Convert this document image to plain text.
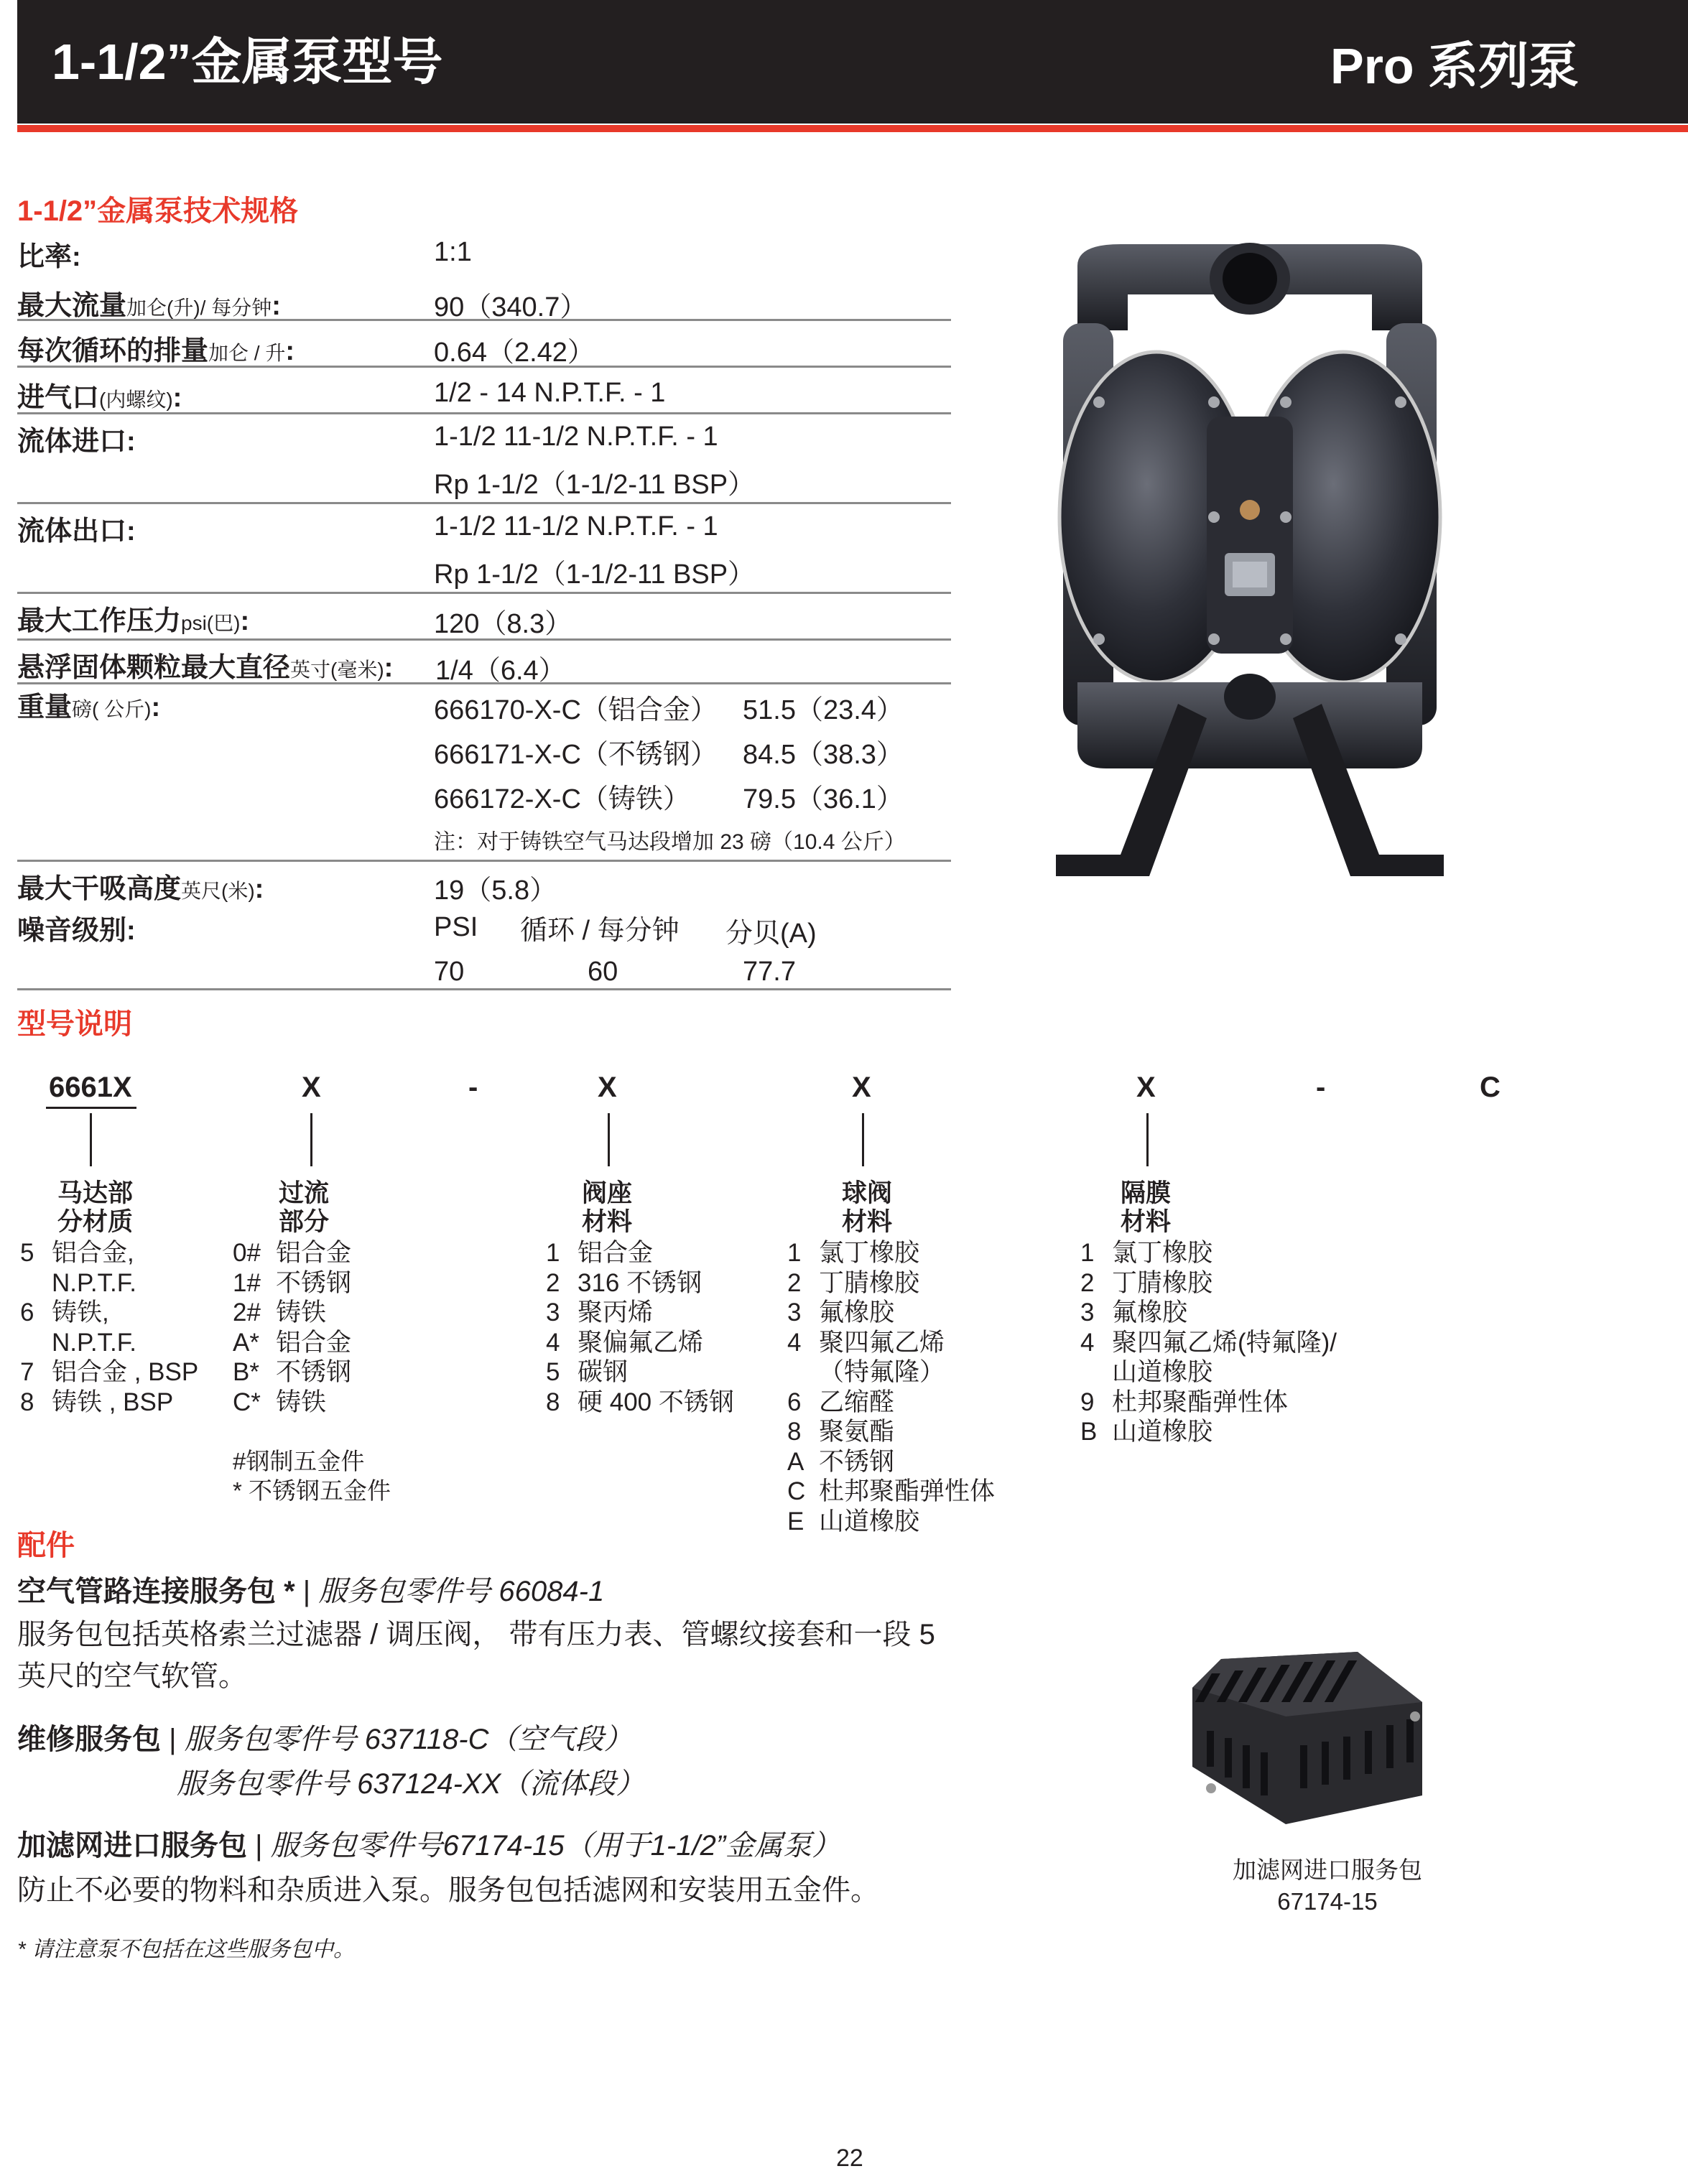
1-1/2”金属泵型号	Pro 系列泵
1-1/2”金属泵技术规格
比率:	1:1
最大流量加仑(升)/ 每分钟:	90（340.7）
每次循环的排量加仑 / 升:	0.64（2.42）
进气口(内螺纹):	1/2 - 14 N.P.T.F. - 1
流体进口:	1-1/2 11-1/2 N.P.T.F. - 1
Rp 1-1/2（1-1/2-11 BSP）
流体出口:	1-1/2 11-1/2 N.P.T.F. - 1
Rp 1-1/2（1-1/2-11 BSP）
最大工作压力psi(巴):	120（8.3）
悬浮固体颗粒最大直径英寸(毫米): 1/4（6.4）
重量磅( 公斤):	666170-X-C（铝合金） 51.5（23.4）
666171-X-C（不锈钢） 84.5（38.3）
666172-X-C（铸铁） 79.5（36.1）
注：对于铸铁空气马达段增加 23 磅（10.4 公斤）
最大干吸高度英尺(米):	19（5.8）
噪音级别:	PSI 循环 / 每分钟 分贝(A)
70	60	77.7
型号说明
6661X	X	-	X	X	X	-	C
马达部
分材质
5 铝合金,
N.P.T.F.
6 铸铁,
N.P.T.F.
7 铝合金 , BSP
8 铸铁 , BSP
过流
部分
0# 铝合金
1# 不锈钢
2# 铸铁
A* 铝合金
B* 不锈钢
C* 铸铁
#钢制五金件
* 不锈钢五金件
阀座
材料
1 铝合金
2 316 不锈钢
3 聚丙烯
4 聚偏氟乙烯
5 碳钢
8 硬 400 不锈钢
球阀
材料
1 氯丁橡胶
2 丁腈橡胶
3 氟橡胶
4 聚四氟乙烯
（特氟隆）
6 乙缩醛
8 聚氨酯
A 不锈钢
C 杜邦聚酯弹性体
E 山道橡胶
隔膜
材料
1 氯丁橡胶
2 丁腈橡胶
3 氟橡胶
4 聚四氟乙烯(特氟隆)/
山道橡胶
9 杜邦聚酯弹性体
B 山道橡胶
配件
空气管路连接服务包 * | 服务包零件号 66084-1
服务包包括英格索兰过滤器 / 调压阀， 带有压力表、管螺纹接套和一段 5
英尺的空气软管。
维修服务包 | 服务包零件号 637118-C（空气段）
服务包零件号 637124-XX（流体段）
加滤网进口服务包 | 服务包零件号67174-15（用于1-1/2”金属泵）
防止不必要的物料和杂质进入泵。服务包包括滤网和安装用五金件。
* 请注意泵不包括在这些服务包中。
加滤网进口服务包
67174-15
22
